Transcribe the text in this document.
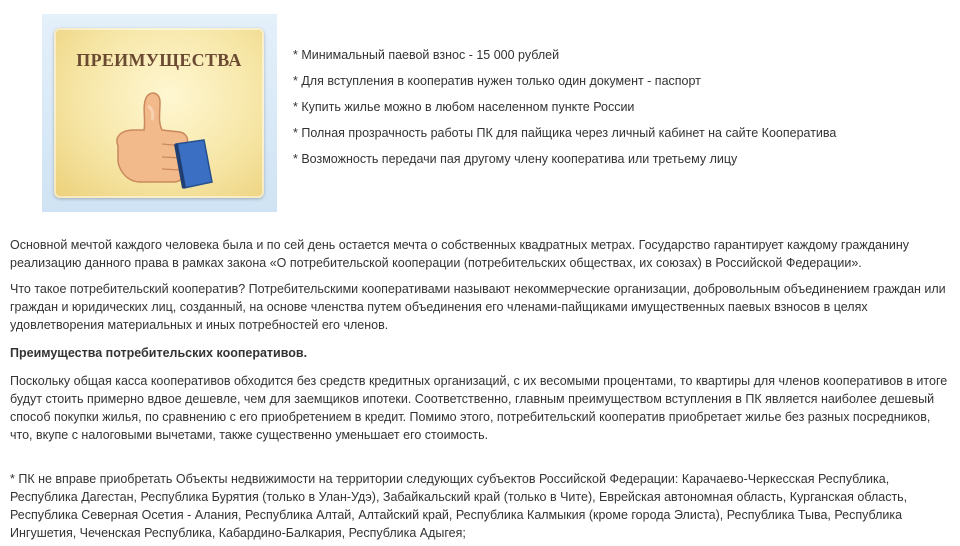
ПРЕИМУЩЕСТВА	* Минимальный паевой взнос - 15 000 рублей
* Для вступления в кооператив нужен только один документ - паспорт
* Купить жилье можно в любом населенном пункте России
* Полная прозрачность работы ПК для пайщика через личный кабинет на сайте Кооператива
* Возможность передачи пая другому члену кооператива или третьему лицу

Основной мечтой каждого человека была и по сей день остается мечта о собственных квадратных метрах. Государство гарантирует каждому гражданину реализацию данного права в рамках закона «О потребительской кооперации (потребительских обществах, их союзах) в Российской Федерации».

Что такое потребительский кооператив? Потребительскими кооперативами называют некоммерческие организации, добровольным объединением граждан или граждан и юридических лиц, созданный, на основе членства путем объединения его членами-пайщиками имущественных паевых взносов в целях удовлетворения материальных и иных потребностей его членов.

Преимущества потребительских кооперативов.

Поскольку общая касса кооперативов обходится без средств кредитных организаций, с их весомыми процентами, то квартиры для членов кооперативов в итоге будут стоить примерно вдвое дешевле, чем для заемщиков ипотеки. Соответственно, главным преимуществом вступления в ПК является наиболее дешевый способ покупки жилья, по сравнению с его приобретением в кредит. Помимо этого, потребительский кооператив приобретает жилье без разных посредников, что, вкупе с налоговыми вычетами, также существенно уменьшает его стоимость.

* ПК не вправе приобретать Объекты недвижимости на территории следующих субъектов Российской Федерации: Карачаево-Черкесская Республика, Республика Дагестан, Республика Бурятия (только в Улан-Удэ), Забайкальский край (только в Чите), Еврейская автономная область, Курганская область, Республика Северная Осетия - Алания, Республика Алтай, Алтайский край, Республика Калмыкия (кроме города Элиста), Республика Тыва, Республика Ингушетия, Чеченская Республика, Кабардино-Балкария, Республика Адыгея;
